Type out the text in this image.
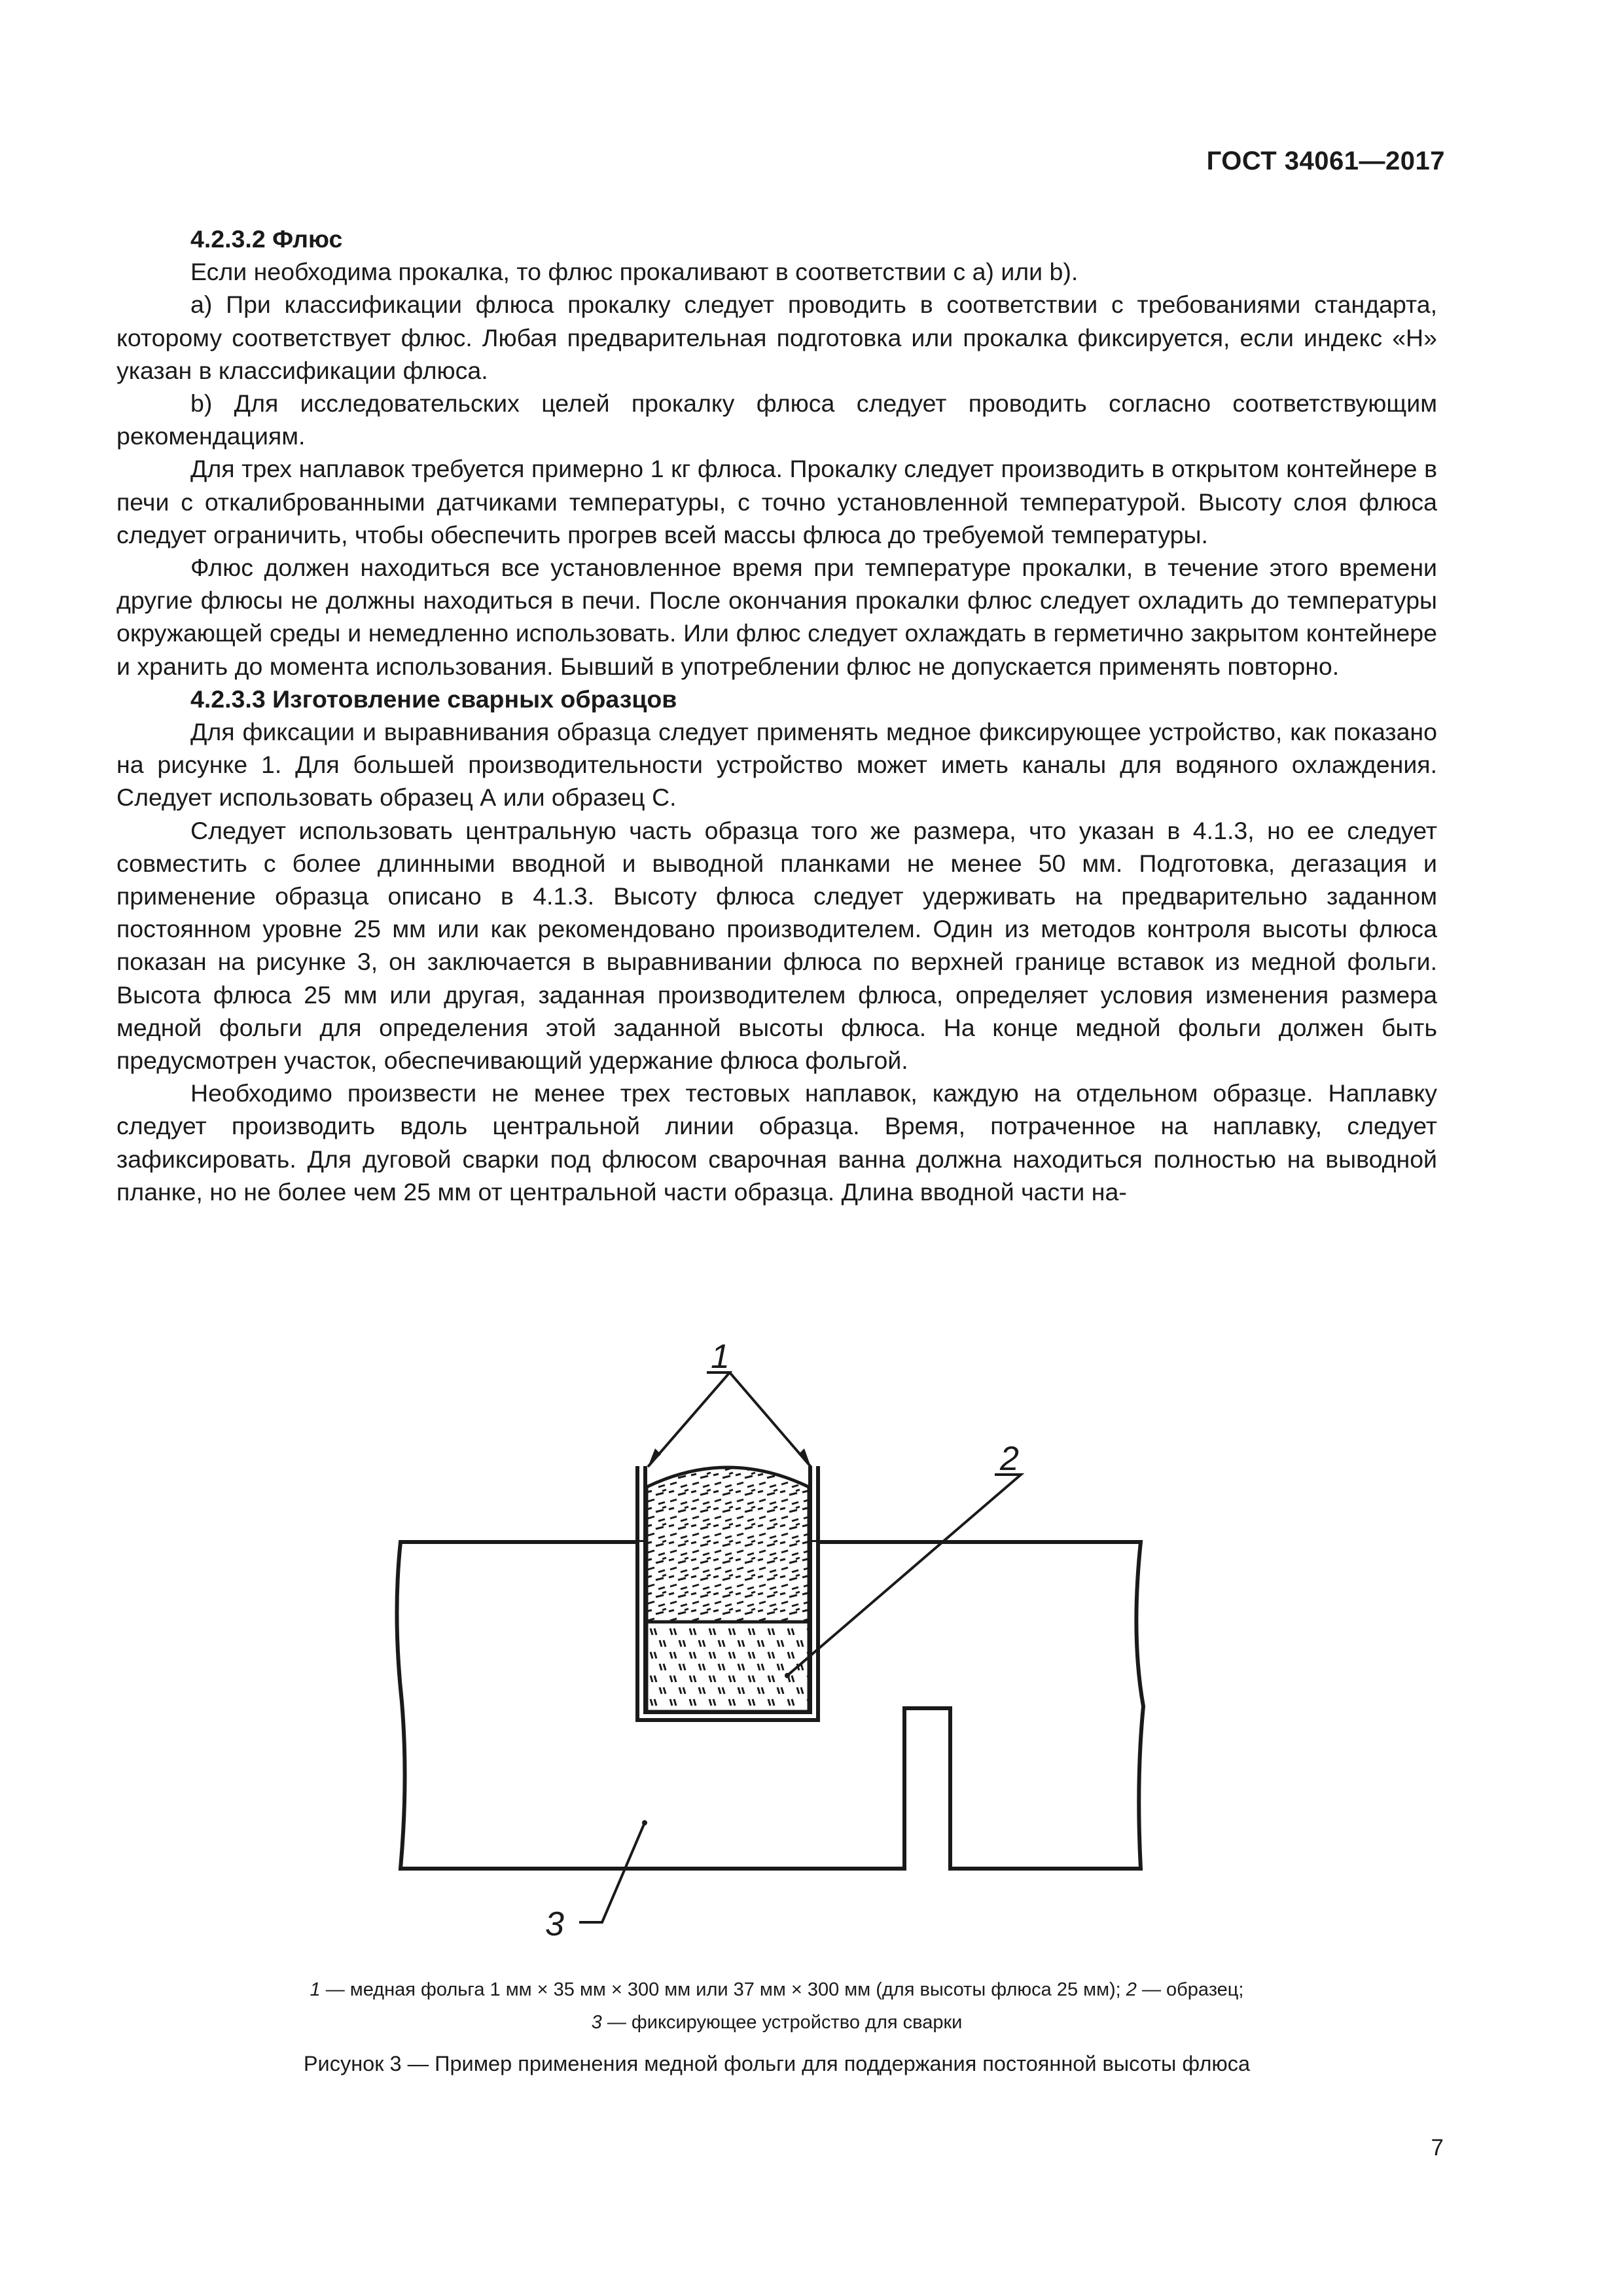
ГОСТ 34061—2017

4.2.3.2 Флюс

Если необходима прокалка, то флюс прокаливают в соответствии с a) или b).

a) При классификации флюса прокалку следует проводить в соответствии с требованиями стандарта, которому соответствует флюс. Любая предварительная подготовка или прокалка фиксируется, если индекс «Н» указан в классификации флюса.

b) Для исследовательских целей прокалку флюса следует проводить согласно соответствующим рекомендациям.

Для трех наплавок требуется примерно 1 кг флюса. Прокалку следует производить в открытом контейнере в печи с откалиброванными датчиками температуры, с точно установленной температурой. Высоту слоя флюса следует ограничить, чтобы обеспечить прогрев всей массы флюса до требуемой температуры.

Флюс должен находиться все установленное время при температуре прокалки, в течение этого времени другие флюсы не должны находиться в печи. После окончания прокалки флюс следует охладить до температуры окружающей среды и немедленно использовать. Или флюс следует охлаждать в герметично закрытом контейнере и хранить до момента использования. Бывший в употреблении флюс не допускается применять повторно.

4.2.3.3 Изготовление сварных образцов

Для фиксации и выравнивания образца следует применять медное фиксирующее устройство, как показано на рисунке 1. Для большей производительности устройство может иметь каналы для водяного охлаждения. Следует использовать образец А или образец С.

Следует использовать центральную часть образца того же размера, что указан в 4.1.3, но ее следует совместить с более длинными вводной и выводной планками не менее 50 мм. Подготовка, дегазация и применение образца описано в 4.1.3. Высоту флюса следует удерживать на предварительно заданном постоянном уровне 25 мм или как рекомендовано производителем. Один из методов контроля высоты флюса показан на рисунке 3, он заключается в выравнивании флюса по верхней границе вставок из медной фольги. Высота флюса 25 мм или другая, заданная производителем флюса, определяет условия изменения размера медной фольги для определения этой заданной высоты флюса. На конце медной фольги должен быть предусмотрен участок, обеспечивающий удержание флюса фольгой.

Необходимо произвести не менее трех тестовых наплавок, каждую на отдельном образце. Наплавку следует производить вдоль центральной линии образца. Время, потраченное на наплавку, следует зафиксировать. Для дуговой сварки под флюсом сварочная ванна должна находиться полностью на выводной планке, но не более чем 25 мм от центральной части образца. Длина вводной части на-

1
2
3
1 — медная фольга 1 мм × 35 мм × 300 мм или 37 мм × 300 мм (для высоты флюса 25 мм); 2 — образец;
3 — фиксирующее устройство для сварки
Рисунок 3 — Пример применения медной фольги для поддержания постоянной высоты флюса
7
